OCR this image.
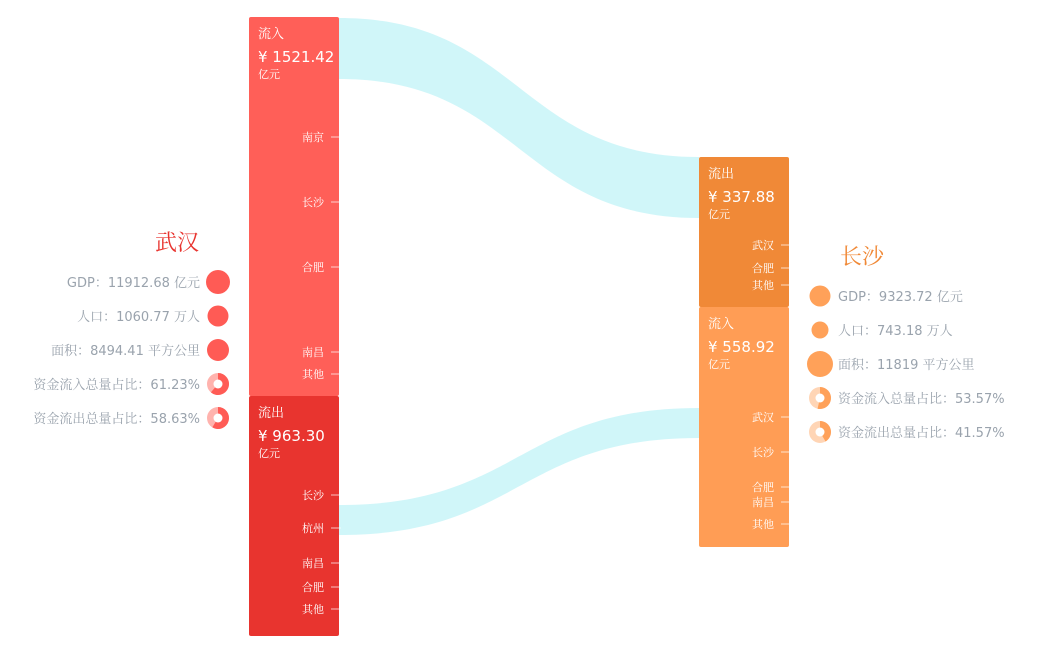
流入
¥ 1521.42
亿元
南京
长沙
合肥
南昌
其他
流出
¥ 963.30
亿元
长沙
杭州
南昌
合肥
其他
流出
¥ 337.88
亿元
武汉
合肥
其他
流入
¥ 558.92
亿元
武汉
长沙
合肥
南昌
其他
武汉
GDP：11912.68 亿元
人口：1060.77 万人
面积：8494.41 平方公里
资金流入总量占比：61.23%
资金流出总量占比：58.63%
长沙
GDP：9323.72 亿元
人口：743.18 万人
面积：11819 平方公里
资金流入总量占比：53.57%
资金流出总量占比：41.57%
